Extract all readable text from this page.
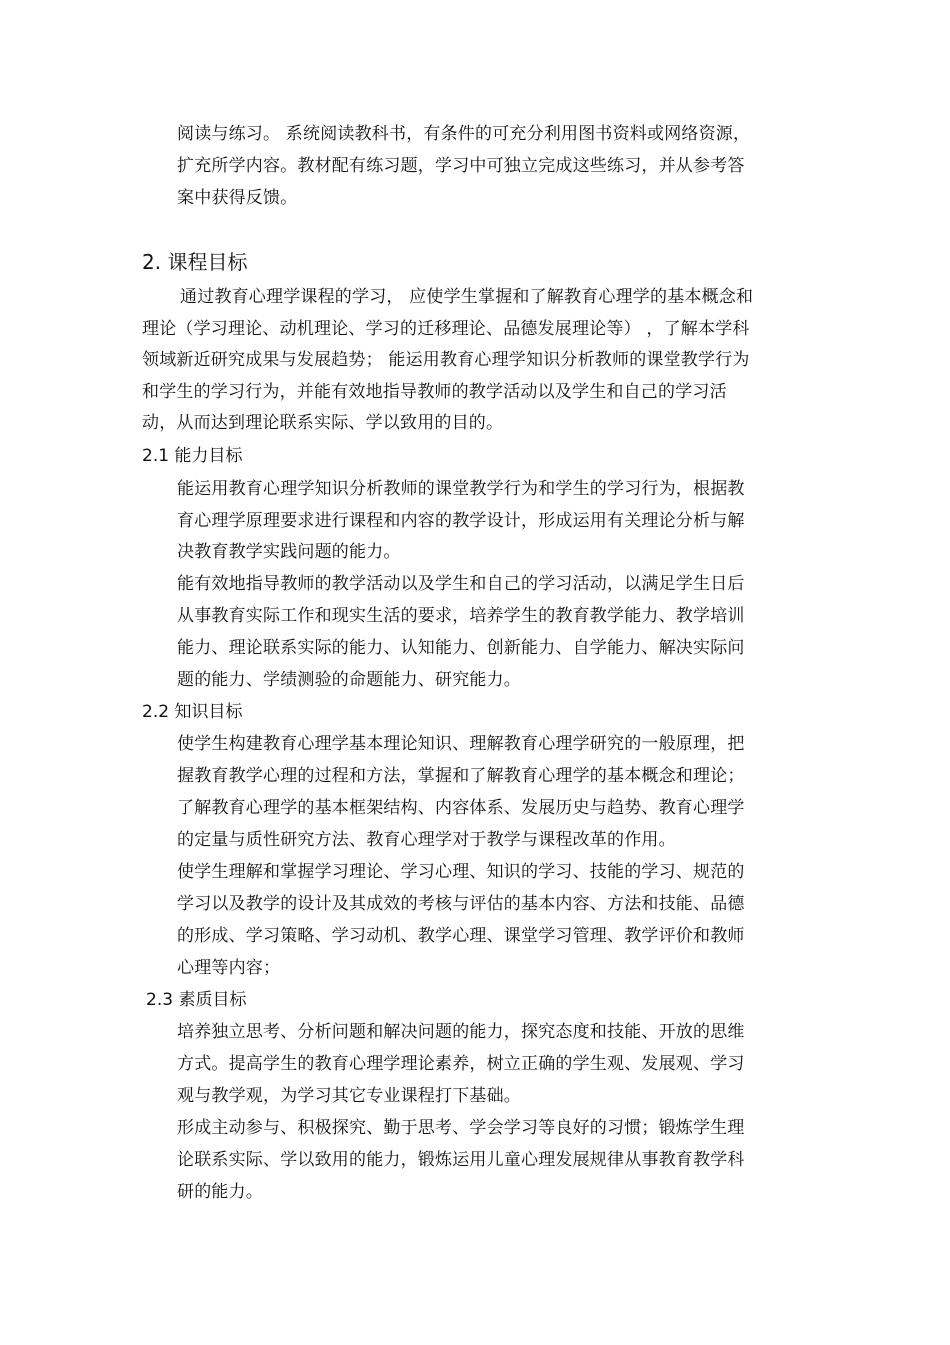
阅读与练习。 系统阅读教科书，有条件的可充分利用图书资料或网络资源，
扩充所学内容。教材配有练习题，学习中可独立完成这些练习，并从参考答
案中获得反馈。
2. 课程目标
通过教育心理学课程的学习， 应使学生掌握和了解教育心理学的基本概念和
理论（学习理论、动机理论、学习的迁移理论、品德发展理论等） ，了解本学科
领域新近研究成果与发展趋势； 能运用教育心理学知识分析教师的课堂教学行为
和学生的学习行为，并能有效地指导教师的教学活动以及学生和自己的学习活
动，从而达到理论联系实际、学以致用的目的。
2.1 能力目标
能运用教育心理学知识分析教师的课堂教学行为和学生的学习行为，根据教
育心理学原理要求进行课程和内容的教学设计，形成运用有关理论分析与解
决教育教学实践问题的能力。
能有效地指导教师的教学活动以及学生和自己的学习活动，以满足学生日后
从事教育实际工作和现实生活的要求，培养学生的教育教学能力、教学培训
能力、理论联系实际的能力、认知能力、创新能力、自学能力、解决实际问
题的能力、学绩测验的命题能力、研究能力。
2.2 知识目标
使学生构建教育心理学基本理论知识、理解教育心理学研究的一般原理，把
握教育教学心理的过程和方法，掌握和了解教育心理学的基本概念和理论；
了解教育心理学的基本框架结构、内容体系、发展历史与趋势、教育心理学
的定量与质性研究方法、教育心理学对于教学与课程改革的作用。
使学生理解和掌握学习理论、学习心理、知识的学习、技能的学习、规范的
学习以及教学的设计及其成效的考核与评估的基本内容、方法和技能、品德
的形成、学习策略、学习动机、教学心理、课堂学习管理、教学评价和教师
心理等内容；
2.3 素质目标
培养独立思考、分析问题和解决问题的能力，探究态度和技能、开放的思维
方式。提高学生的教育心理学理论素养，树立正确的学生观、发展观、学习
观与教学观，为学习其它专业课程打下基础。
形成主动参与、积极探究、勤于思考、学会学习等良好的习惯；锻炼学生理
论联系实际、学以致用的能力，锻炼运用儿童心理发展规律从事教育教学科
研的能力。
